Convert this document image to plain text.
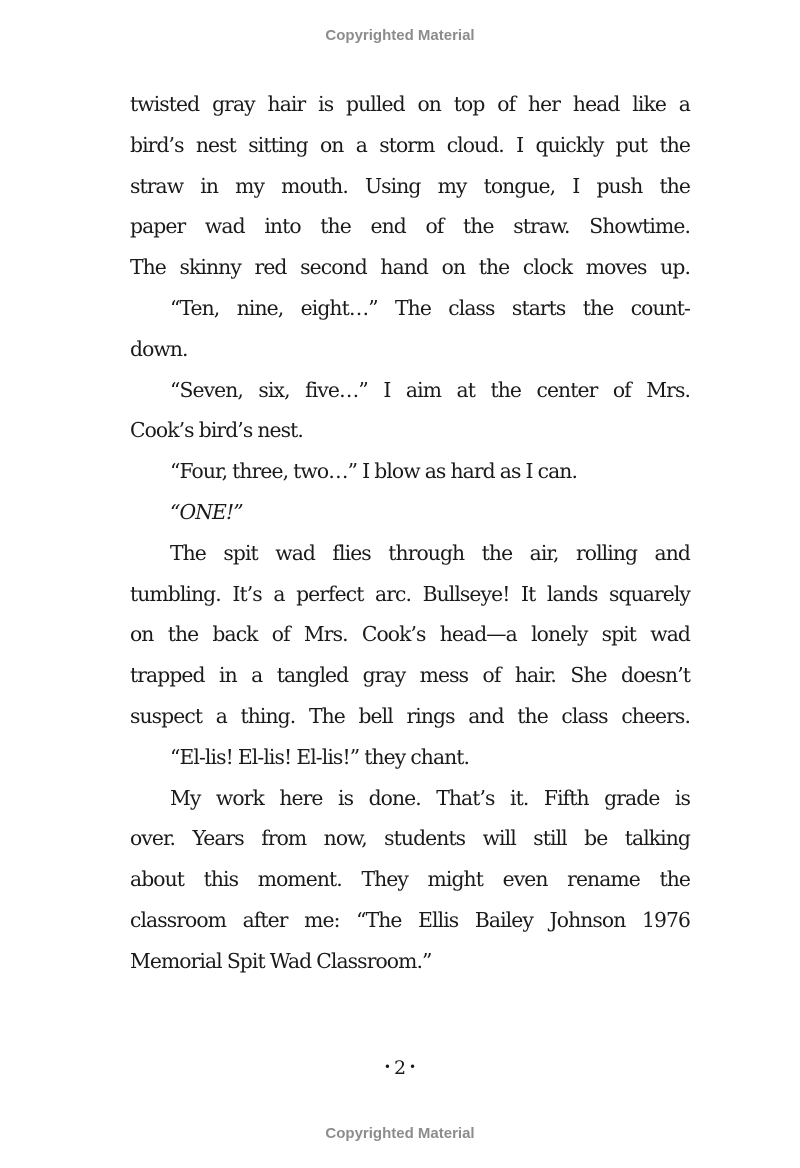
Copyrighted Material
twisted gray hair is pulled on top of her head like a
bird’s nest sitting on a storm cloud. I quickly put the
straw in my mouth. Using my tongue, I push the
paper wad into the end of the straw. Showtime.
The skinny red second hand on the clock moves up.
“Ten, nine, eight…” The class starts the count-
down.
“Seven, six, five…” I aim at the center of Mrs.
Cook’s bird’s nest.
“Four, three, two…” I blow as hard as I can.
“ONE!”
The spit wad flies through the air, rolling and
tumbling. It’s a perfect arc. Bullseye! It lands squarely
on the back of Mrs. Cook’s head—a lonely spit wad
trapped in a tangled gray mess of hair. She doesn’t
suspect a thing. The bell rings and the class cheers.
“El-lis! El-lis! El-lis!” they chant.
My work here is done. That’s it. Fifth grade is
over. Years from now, students will still be talking
about this moment. They might even rename the
classroom after me: “The Ellis Bailey Johnson 1976
Memorial Spit Wad Classroom.”
• 2 •
Copyrighted Material
